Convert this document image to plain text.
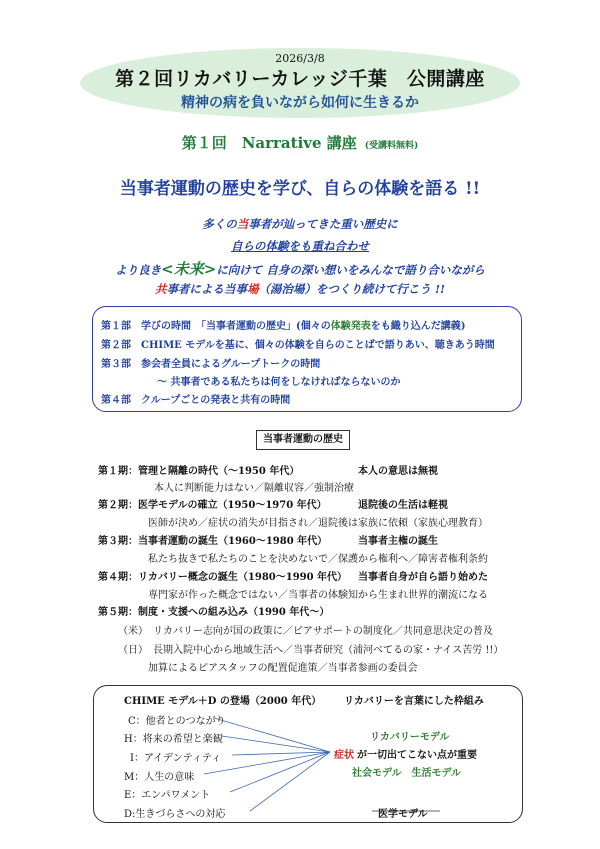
2026/3/8
第２回リカバリーカレッジ千葉　公開講座
精神の病を負いながら如何に生きるか
第１回　Narrative 講座 (受講料無料)
当事者運動の歴史を学び、自らの体験を語る !!
多くの当事者が辿ってきた重い歴史に
自らの体験をも重ね合わせ
より良き<未来>に向けて 自身の深い想いをみんなで語り合いながら
共事者による当事場（湯治場）をつくり続けて行こう !!
第１部　学びの時間　「当事者運動の歴史」(個々の体験発表をも織り込んだ講義)
第２部　CHIME モデルを基に、個々の体験を自らのことばで語りあい、聴きあう時間
第３部　参会者全員によるグループトークの時間
〜 共事者である私たちは何をしなければならないのか
第４部　クループごとの発表と共有の時間
当事者運動の歴史
第１期：管理と隔離の時代（〜1950 年代）	本人の意思は無視
本人に判断能力はない／隔離収容／強制治療
第２期：医学モデルの確立（1950〜1970 年代）	退院後の生活は軽視
医師が決め／症状の消失が目指され／退院後は家族に依頼（家族心理教育）
第３期：当事者運動の誕生（1960〜1980 年代）	当事者主権の誕生
私たち抜きで私たちのことを決めないで／保護から権利へ／障害者権利条約
第４期：リカバリー概念の誕生（1980〜1990 年代） 当事者自身が自ら語り始めた
専門家が作った概念ではない／当事者の体験知から生まれ世界的潮流になる
第５期：制度・支援への組み込み（1990 年代〜）
（米）　リカバリー志向が国の政策に／ピアサポートの制度化／共同意思決定の普及
（日）　長期入院中心から地域生活へ／当事者研究（浦河べてるの家・ナイス苦労 !!）
加算によるピアスタッフの配置促進策／当事者参画の委員会
CHIME モデル＋D の登場（2000 年代） リカバリーを言葉にした枠組み
C：他者とのつながり
H：将来の希望と楽観
I：アイデンティティ
M：人生の意味
E：エンパワメント
D:生きづらさへの対応
リカバリーモデル
症状 が一切出てこない点が重要
社会モデル　生活モデル
医学モデル
